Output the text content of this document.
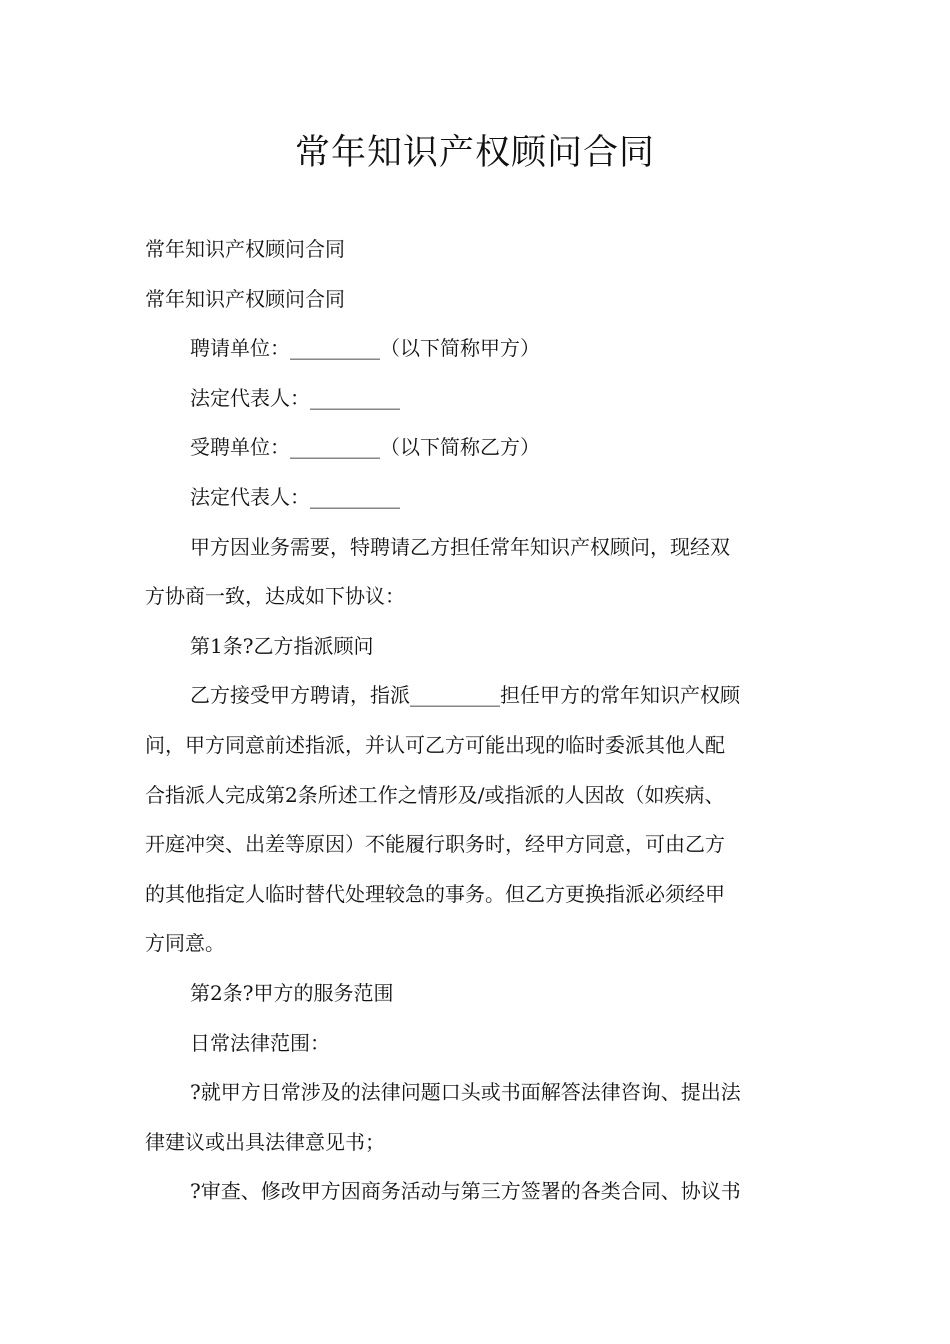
常年知识产权顾问合同
常年知识产权顾问合同
常年知识产权顾问合同
聘请单位：_________（以下简称甲方）
法定代表人：_________
受聘单位：_________（以下简称乙方）
法定代表人：_________
甲方因业务需要，特聘请乙方担任常年知识产权顾问，现经双
方协商一致，达成如下协议：
第1条?乙方指派顾问
乙方接受甲方聘请，指派_________担任甲方的常年知识产权顾
问，甲方同意前述指派，并认可乙方可能出现的临时委派其他人配
合指派人完成第2条所述工作之情形及/或指派的人因故（如疾病、
开庭冲突、出差等原因）不能履行职务时，经甲方同意，可由乙方
的其他指定人临时替代处理较急的事务。但乙方更换指派必须经甲
方同意。
第2条?甲方的服务范围
日常法律范围：
?就甲方日常涉及的法律问题口头或书面解答法律咨询、提出法
律建议或出具法律意见书；
?审查、修改甲方因商务活动与第三方签署的各类合同、协议书
